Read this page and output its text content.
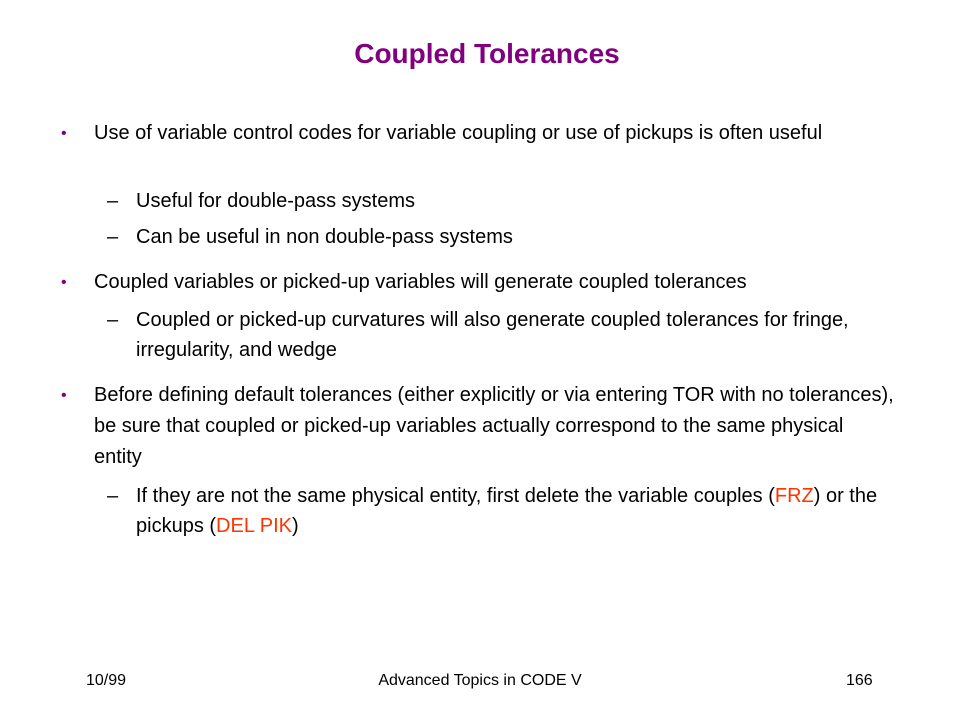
Coupled Tolerances
• Use of variable control codes for variable coupling or use of pickups is often useful
– Useful for double-pass systems
– Can be useful in non double-pass systems
• Coupled variables or picked-up variables will generate coupled tolerances
– Coupled or picked-up curvatures will also generate coupled tolerances for fringe, irregularity, and wedge
• Before defining default tolerances (either explicitly or via entering TOR with no tolerances), be sure that coupled or picked-up variables actually correspond to the same physical entity
– If they are not the same physical entity, first delete the variable couples (FRZ) or the pickups (DEL PIK)
10/99	Advanced Topics in CODE V	166
